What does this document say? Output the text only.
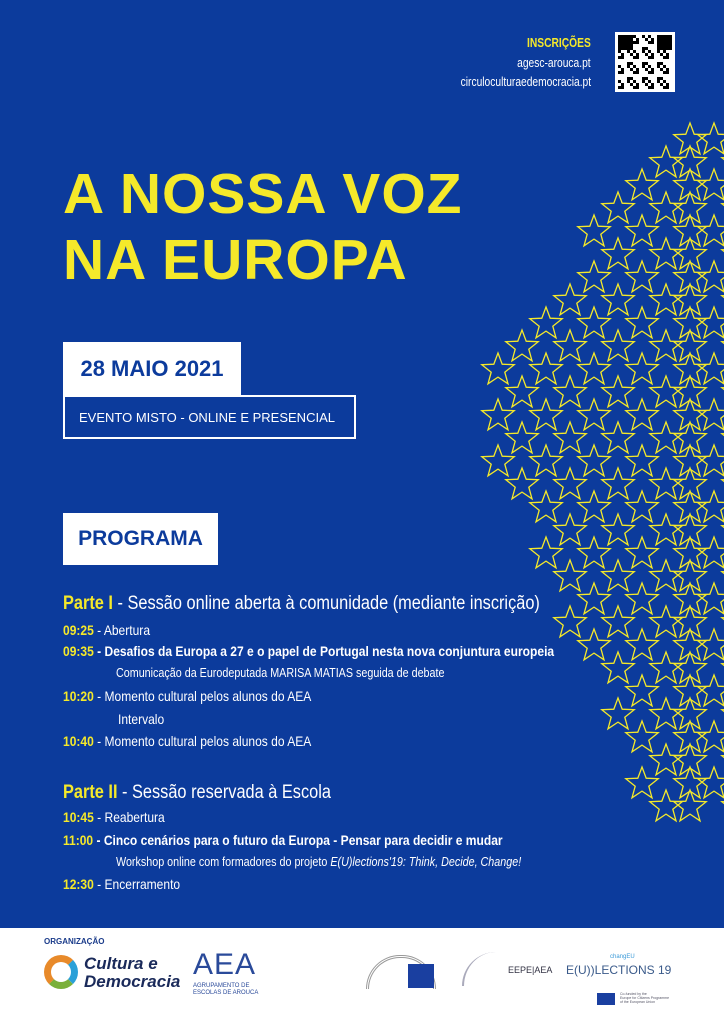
INSCRIÇÕES
agesc-arouca.pt
circuloculturaedemocracia.pt
A NOSSA VOZ
NA EUROPA
28 MAIO 2021
EVENTO MISTO - ONLINE E PRESENCIAL
PROGRAMA
Parte I - Sessão online aberta à comunidade (mediante inscrição)
09:25 - Abertura
09:35 - Desafios da Europa a 27 e o papel de Portugal nesta nova conjuntura europeia
Comunicação da Eurodeputada MARISA MATIAS seguida de debate
10:20 - Momento cultural pelos alunos do AEA
Intervalo
10:40 - Momento cultural pelos alunos do AEA
Parte II - Sessão reservada à Escola
10:45 - Reabertura
11:00 - Cinco cenários para o futuro da Europa - Pensar para decidir e mudar
Workshop online com formadores do projeto E(U)lections'19: Think, Decide, Change!
12:30 - Encerramento
ORGANIZAÇÃO
Cultura e
Democracia
AEA
AGRUPAMENTO DE
ESCOLAS DE AROUCA
EEPE|AEA
changEU
E(U))LECTIONS 19
Co-funded by the
Europe for Citizens Programme
of the European Union
